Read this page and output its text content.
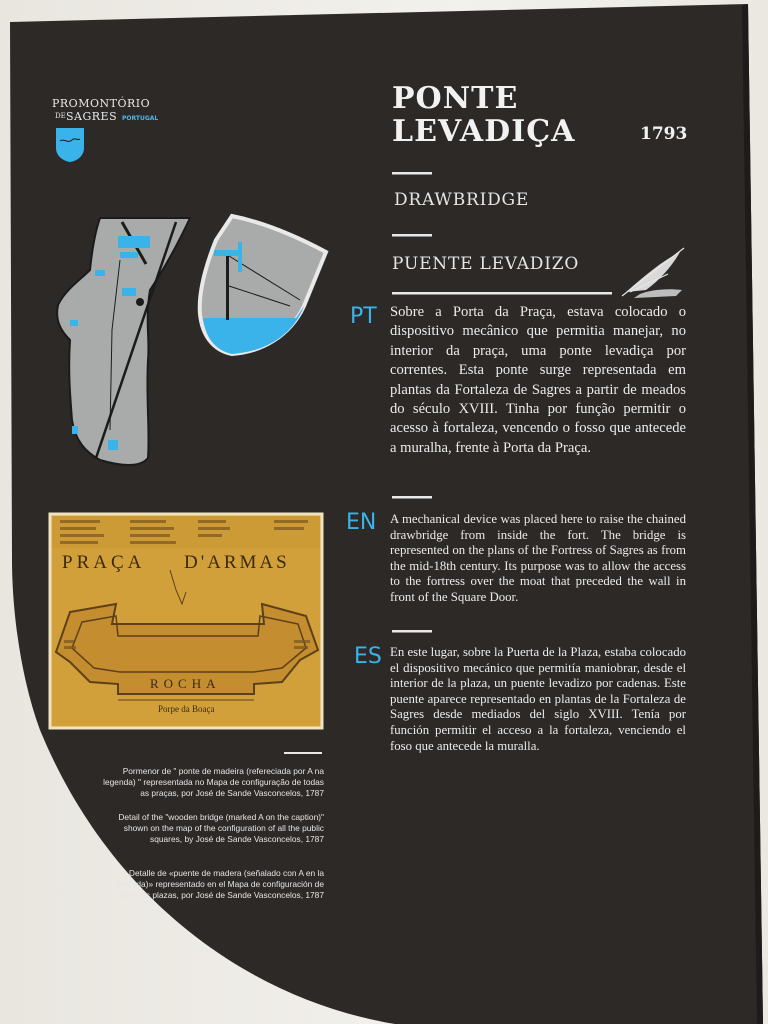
PROMONTÓRIO
DE SAGRES PORTUGAL
PONTE
LEVADIÇA	1793
DRAWBRIDGE
PUENTE LEVADIZO
PT Sobre a Porta da Praça, estava colocado o dispositivo mecânico que permitia manejar, no interior da praça, uma ponte levadiça por correntes. Esta ponte surge representada em plantas da Fortaleza de Sagres a partir de meados do século XVIII. Tinha por função permitir o acesso à fortaleza, vencendo o fosso que antecede a muralha, frente à Porta da Praça.
EN A mechanical device was placed here to raise the chained drawbridge from inside the fort. The bridge is represented on the plans of the Fortress of Sagres as from the mid-18th century. Its purpose was to allow the access to the fortress over the moat that preceded the wall in front of the Square Door.
ES En este lugar, sobre la Puerta de la Plaza, estaba colocado el dispositivo mecánico que permitía maniobrar, desde el interior de la plaza, un puente levadizo por cadenas. Este puente aparece representado en plantas de la Fortaleza de Sagres desde mediados del siglo XVIII. Tenía por función permitir el acceso a la fortaleza, venciendo el foso que antecede la muralla.
PRAÇA D'ARMAS
ROCHA
Porpe da Boaça
Pormenor de " ponte de madeira (refereciada por A na legenda) " representada no Mapa de configuração de todas as praças, por José de Sande Vasconcelos, 1787
Detail of the "wooden bridge (marked A on the caption)" shown on the map of the configuration of all the public squares, by José de Sande Vasconcelos, 1787
Detalle de «puente de madera (señalado con A en la leyenda)» representado en el Mapa de configuración de todas las plazas, por José de Sande Vasconcelos, 1787
